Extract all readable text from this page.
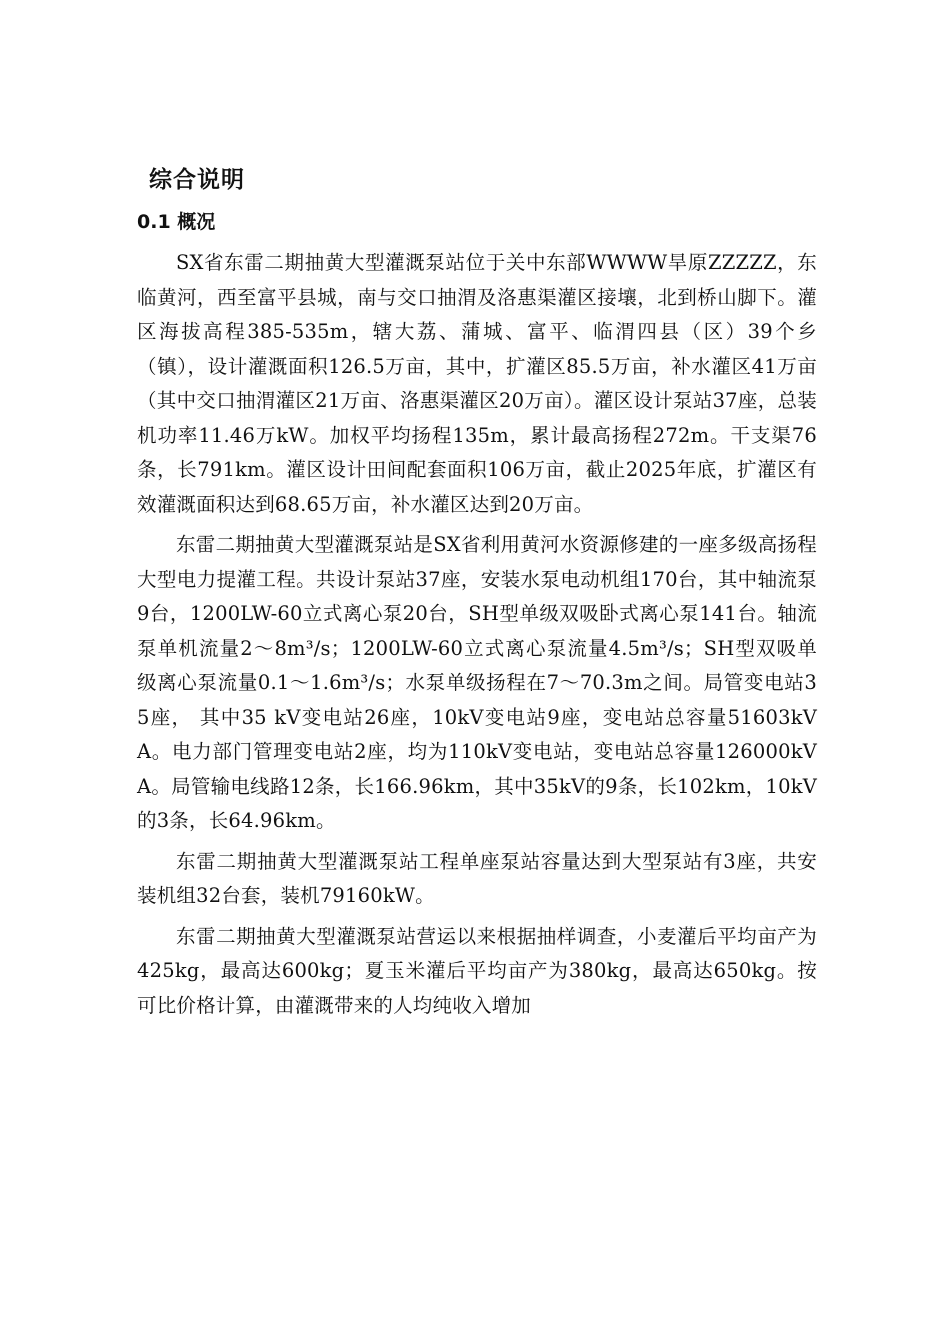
综合说明
0.1 概况

SX省东雷二期抽黄大型灌溉泵站位于关中东部WWWW旱原ZZZZZ，东临黄河，西至富平县城，南与交口抽渭及洛惠渠灌区接壤，北到桥山脚下。灌区海拔高程385-535m，辖大荔、蒲城、富平、临渭四县（区）39个乡（镇），设计灌溉面积126.5万亩，其中，扩灌区85.5万亩，补水灌区41万亩（其中交口抽渭灌区21万亩、洛惠渠灌区20万亩）。灌区设计泵站37座，总装机功率11.46万kW。加权平均扬程135m，累计最高扬程272m。干支渠76条，长791km。灌区设计田间配套面积106万亩，截止2025年底，扩灌区有效灌溉面积达到68.65万亩，补水灌区达到20万亩。

东雷二期抽黄大型灌溉泵站是SX省利用黄河水资源修建的一座多级高扬程大型电力提灌工程。共设计泵站37座，安装水泵电动机组170台，其中轴流泵9台，1200LW-60立式离心泵20台，SH型单级双吸卧式离心泵141台。轴流泵单机流量2～8m³/s；1200LW-60立式离心泵流量4.5m³/s；SH型双吸单级离心泵流量0.1～1.6m³/s；水泵单级扬程在7～70.3m之间。局管变电站35座， 其中35 kV变电站26座，10kV变电站9座，变电站总容量51603kVA。电力部门管理变电站2座，均为110kV变电站，变电站总容量126000kVA。局管输电线路12条，长166.96km，其中35kV的9条，长102km，10kV的3条，长64.96km。

东雷二期抽黄大型灌溉泵站工程单座泵站容量达到大型泵站有3座，共安装机组32台套，装机79160kW。

东雷二期抽黄大型灌溉泵站营运以来根据抽样调查，小麦灌后平均亩产为425kg，最高达600kg；夏玉米灌后平均亩产为380kg，最高达650kg。按可比价格计算，由灌溉带来的人均纯收入增加
